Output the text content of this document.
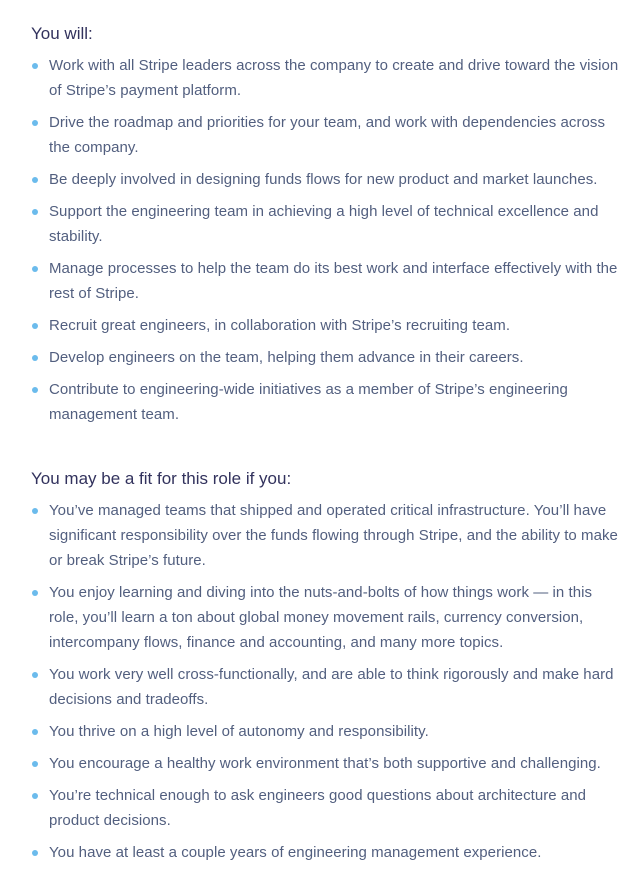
You will:
Work with all Stripe leaders across the company to create and drive toward the vision of Stripe’s payment platform.
Drive the roadmap and priorities for your team, and work with dependencies across the company.
Be deeply involved in designing funds flows for new product and market launches.
Support the engineering team in achieving a high level of technical excellence and stability.
Manage processes to help the team do its best work and interface effectively with the rest of Stripe.
Recruit great engineers, in collaboration with Stripe’s recruiting team.
Develop engineers on the team, helping them advance in their careers.
Contribute to engineering-wide initiatives as a member of Stripe’s engineering management team.
You may be a fit for this role if you:
You’ve managed teams that shipped and operated critical infrastructure. You’ll have significant responsibility over the funds flowing through Stripe, and the ability to make or break Stripe’s future.
You enjoy learning and diving into the nuts-and-bolts of how things work — in this role, you’ll learn a ton about global money movement rails, currency conversion, intercompany flows, finance and accounting, and many more topics.
You work very well cross-functionally, and are able to think rigorously and make hard decisions and tradeoffs.
You thrive on a high level of autonomy and responsibility.
You encourage a healthy work environment that’s both supportive and challenging.
You’re technical enough to ask engineers good questions about architecture and product decisions.
You have at least a couple years of engineering management experience.
